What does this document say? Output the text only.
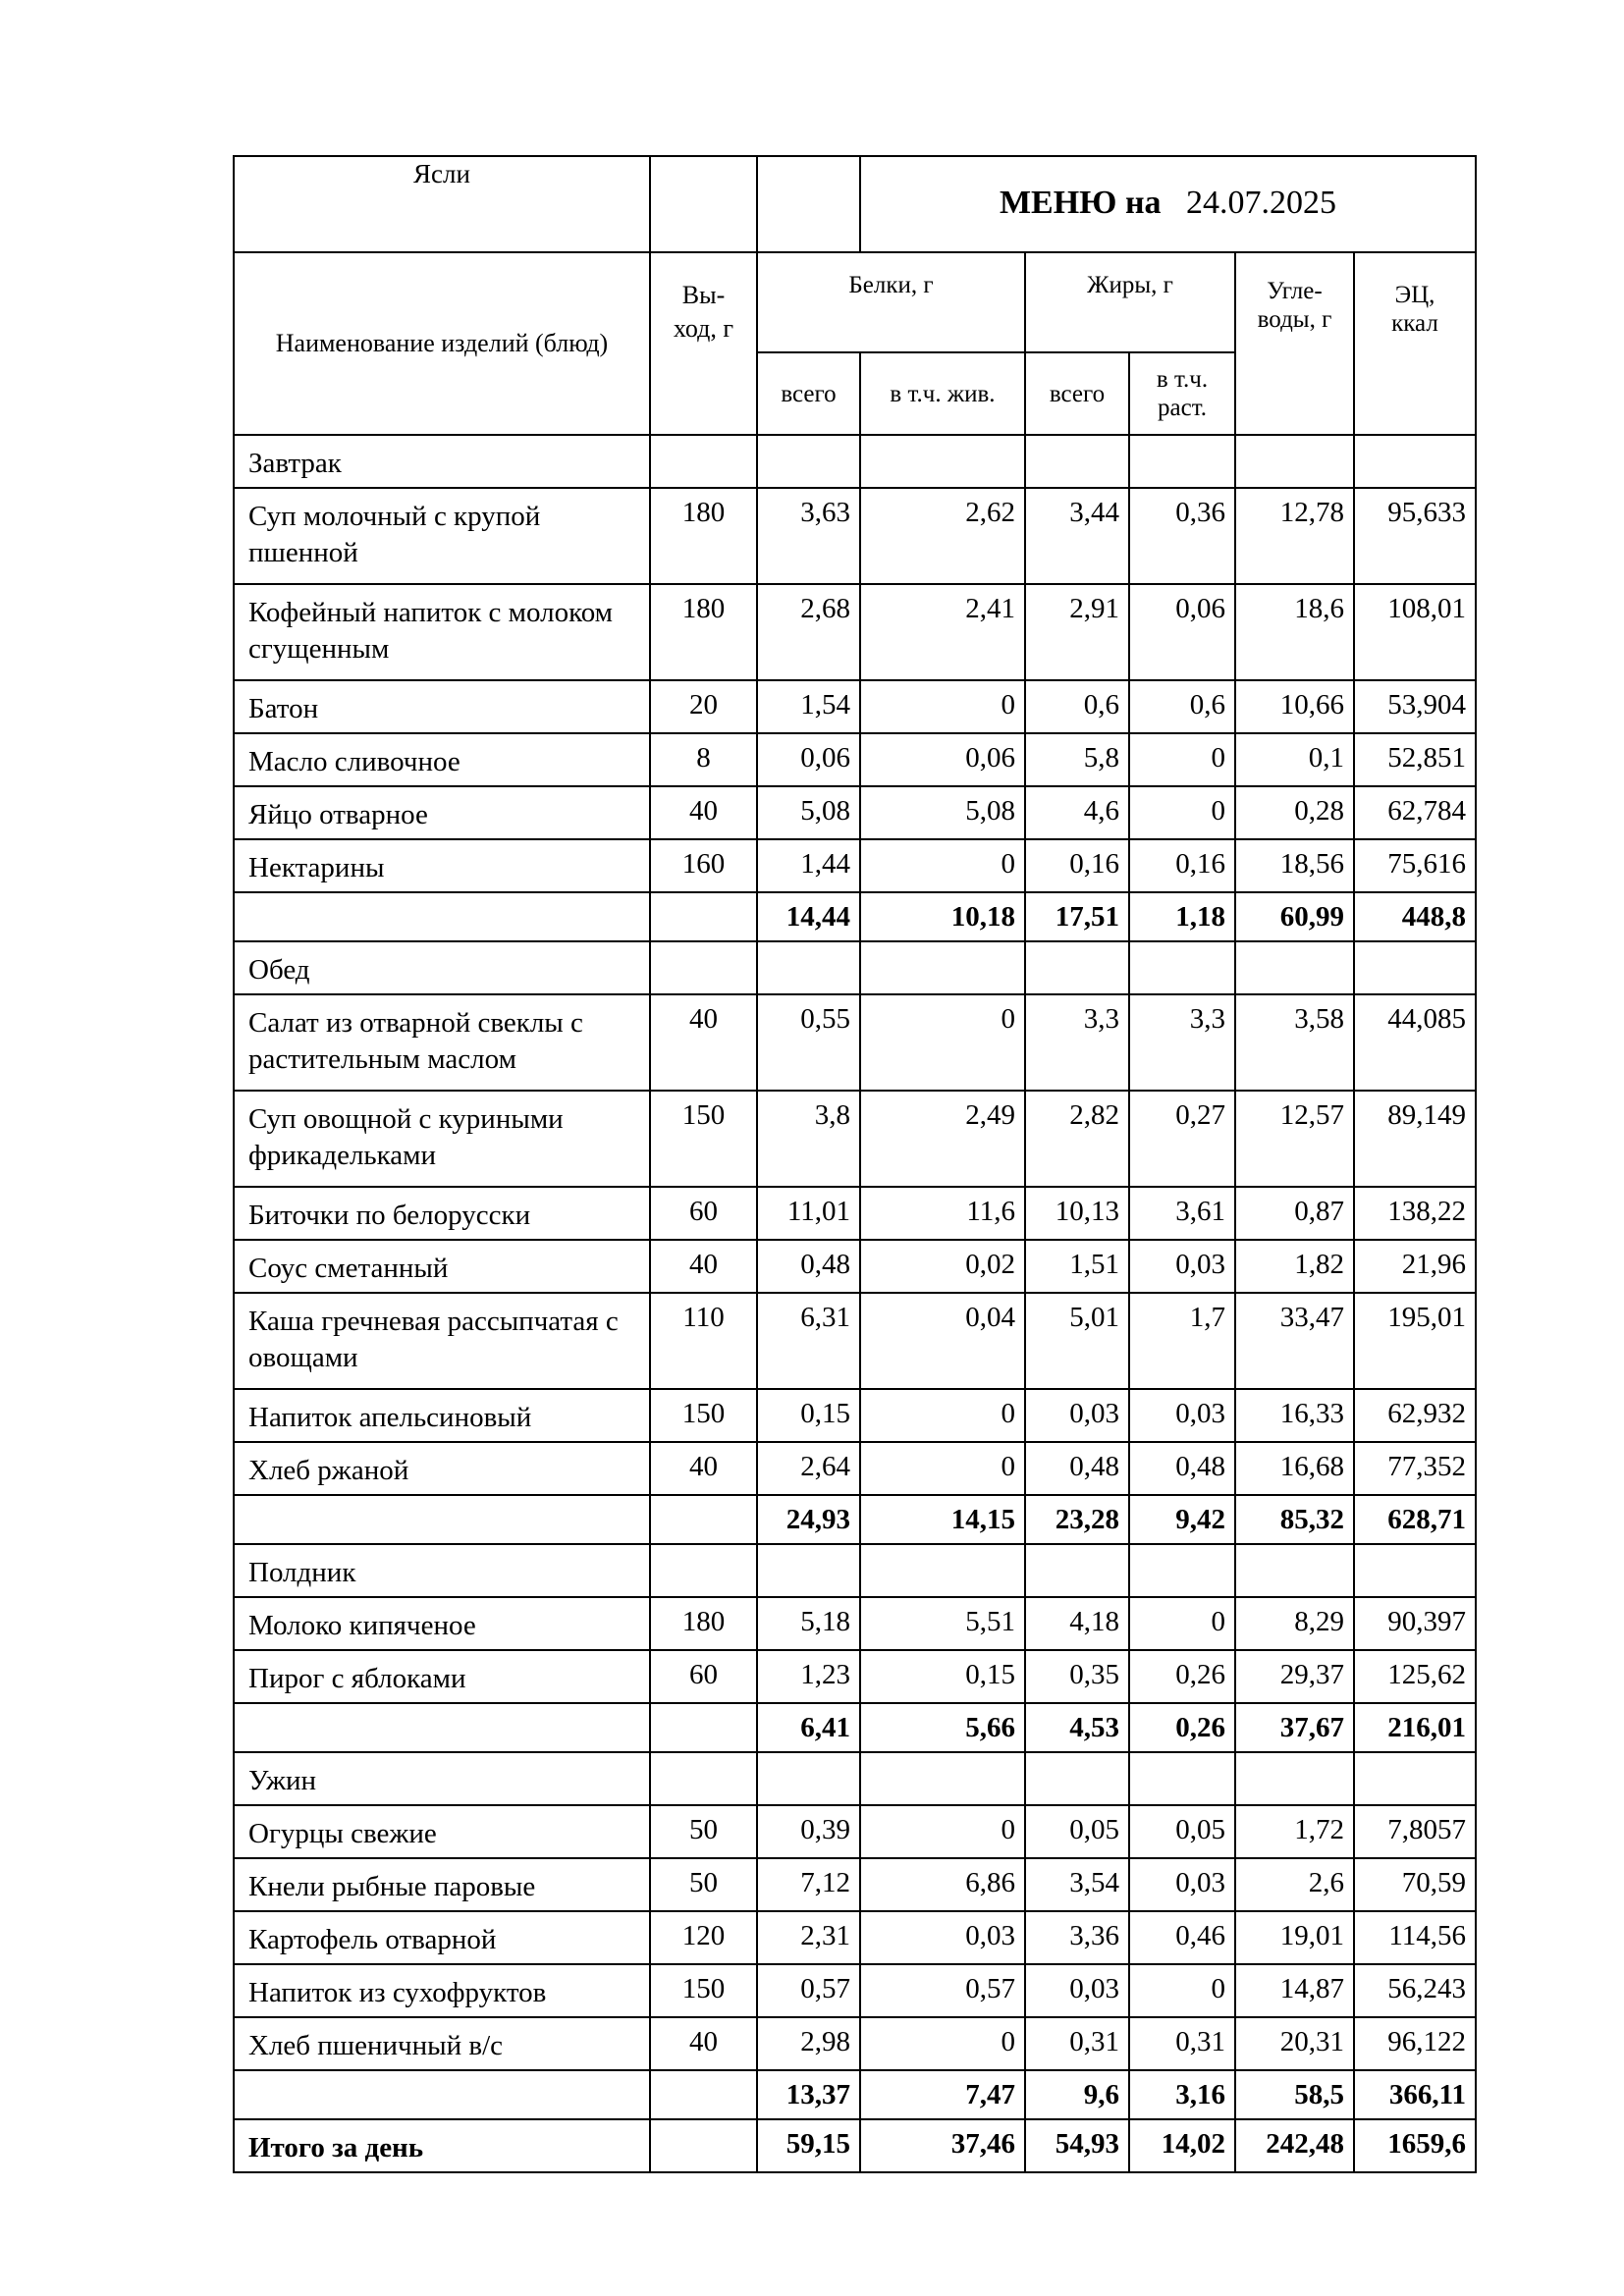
Ясли			МЕНЮ на 24.07.2025				
Наименование изделий (блюд)	Вы-ход, г	Белки, г		Жиры, г		Угле-воды, г	ЭЦ, ккал
		всего	в т.ч. жив.	всего	в т.ч. раст.		
Завтрак							
Суп молочный с крупой пшенной	180	3,63	2,62	3,44	0,36	12,78	95,633
Кофейный напиток с молоком сгущенным	180	2,68	2,41	2,91	0,06	18,6	108,01
Батон	20	1,54	0	0,6	0,6	10,66	53,904
Масло сливочное	8	0,06	0,06	5,8	0	0,1	52,851
Яйцо отварное	40	5,08	5,08	4,6	0	0,28	62,784
Нектарины	160	1,44	0	0,16	0,16	18,56	75,616
		14,44	10,18	17,51	1,18	60,99	448,8
Обед							
Салат из отварной свеклы с растительным маслом	40	0,55	0	3,3	3,3	3,58	44,085
Суп овощной с куриными фрикадельками	150	3,8	2,49	2,82	0,27	12,57	89,149
Биточки по белорусски	60	11,01	11,6	10,13	3,61	0,87	138,22
Соус сметанный	40	0,48	0,02	1,51	0,03	1,82	21,96
Каша гречневая рассыпчатая с овощами	110	6,31	0,04	5,01	1,7	33,47	195,01
Напиток апельсиновый	150	0,15	0	0,03	0,03	16,33	62,932
Хлеб ржаной	40	2,64	0	0,48	0,48	16,68	77,352
		24,93	14,15	23,28	9,42	85,32	628,71
Полдник							
Молоко кипяченое	180	5,18	5,51	4,18	0	8,29	90,397
Пирог с яблоками	60	1,23	0,15	0,35	0,26	29,37	125,62
		6,41	5,66	4,53	0,26	37,67	216,01
Ужин							
Огурцы свежие	50	0,39	0	0,05	0,05	1,72	7,8057
Кнели рыбные паровые	50	7,12	6,86	3,54	0,03	2,6	70,59
Картофель отварной	120	2,31	0,03	3,36	0,46	19,01	114,56
Напиток из сухофруктов	150	0,57	0,57	0,03	0	14,87	56,243
Хлеб пшеничный в/с	40	2,98	0	0,31	0,31	20,31	96,122
		13,37	7,47	9,6	3,16	58,5	366,11
Итого за день		59,15	37,46	54,93	14,02	242,48	1659,6
